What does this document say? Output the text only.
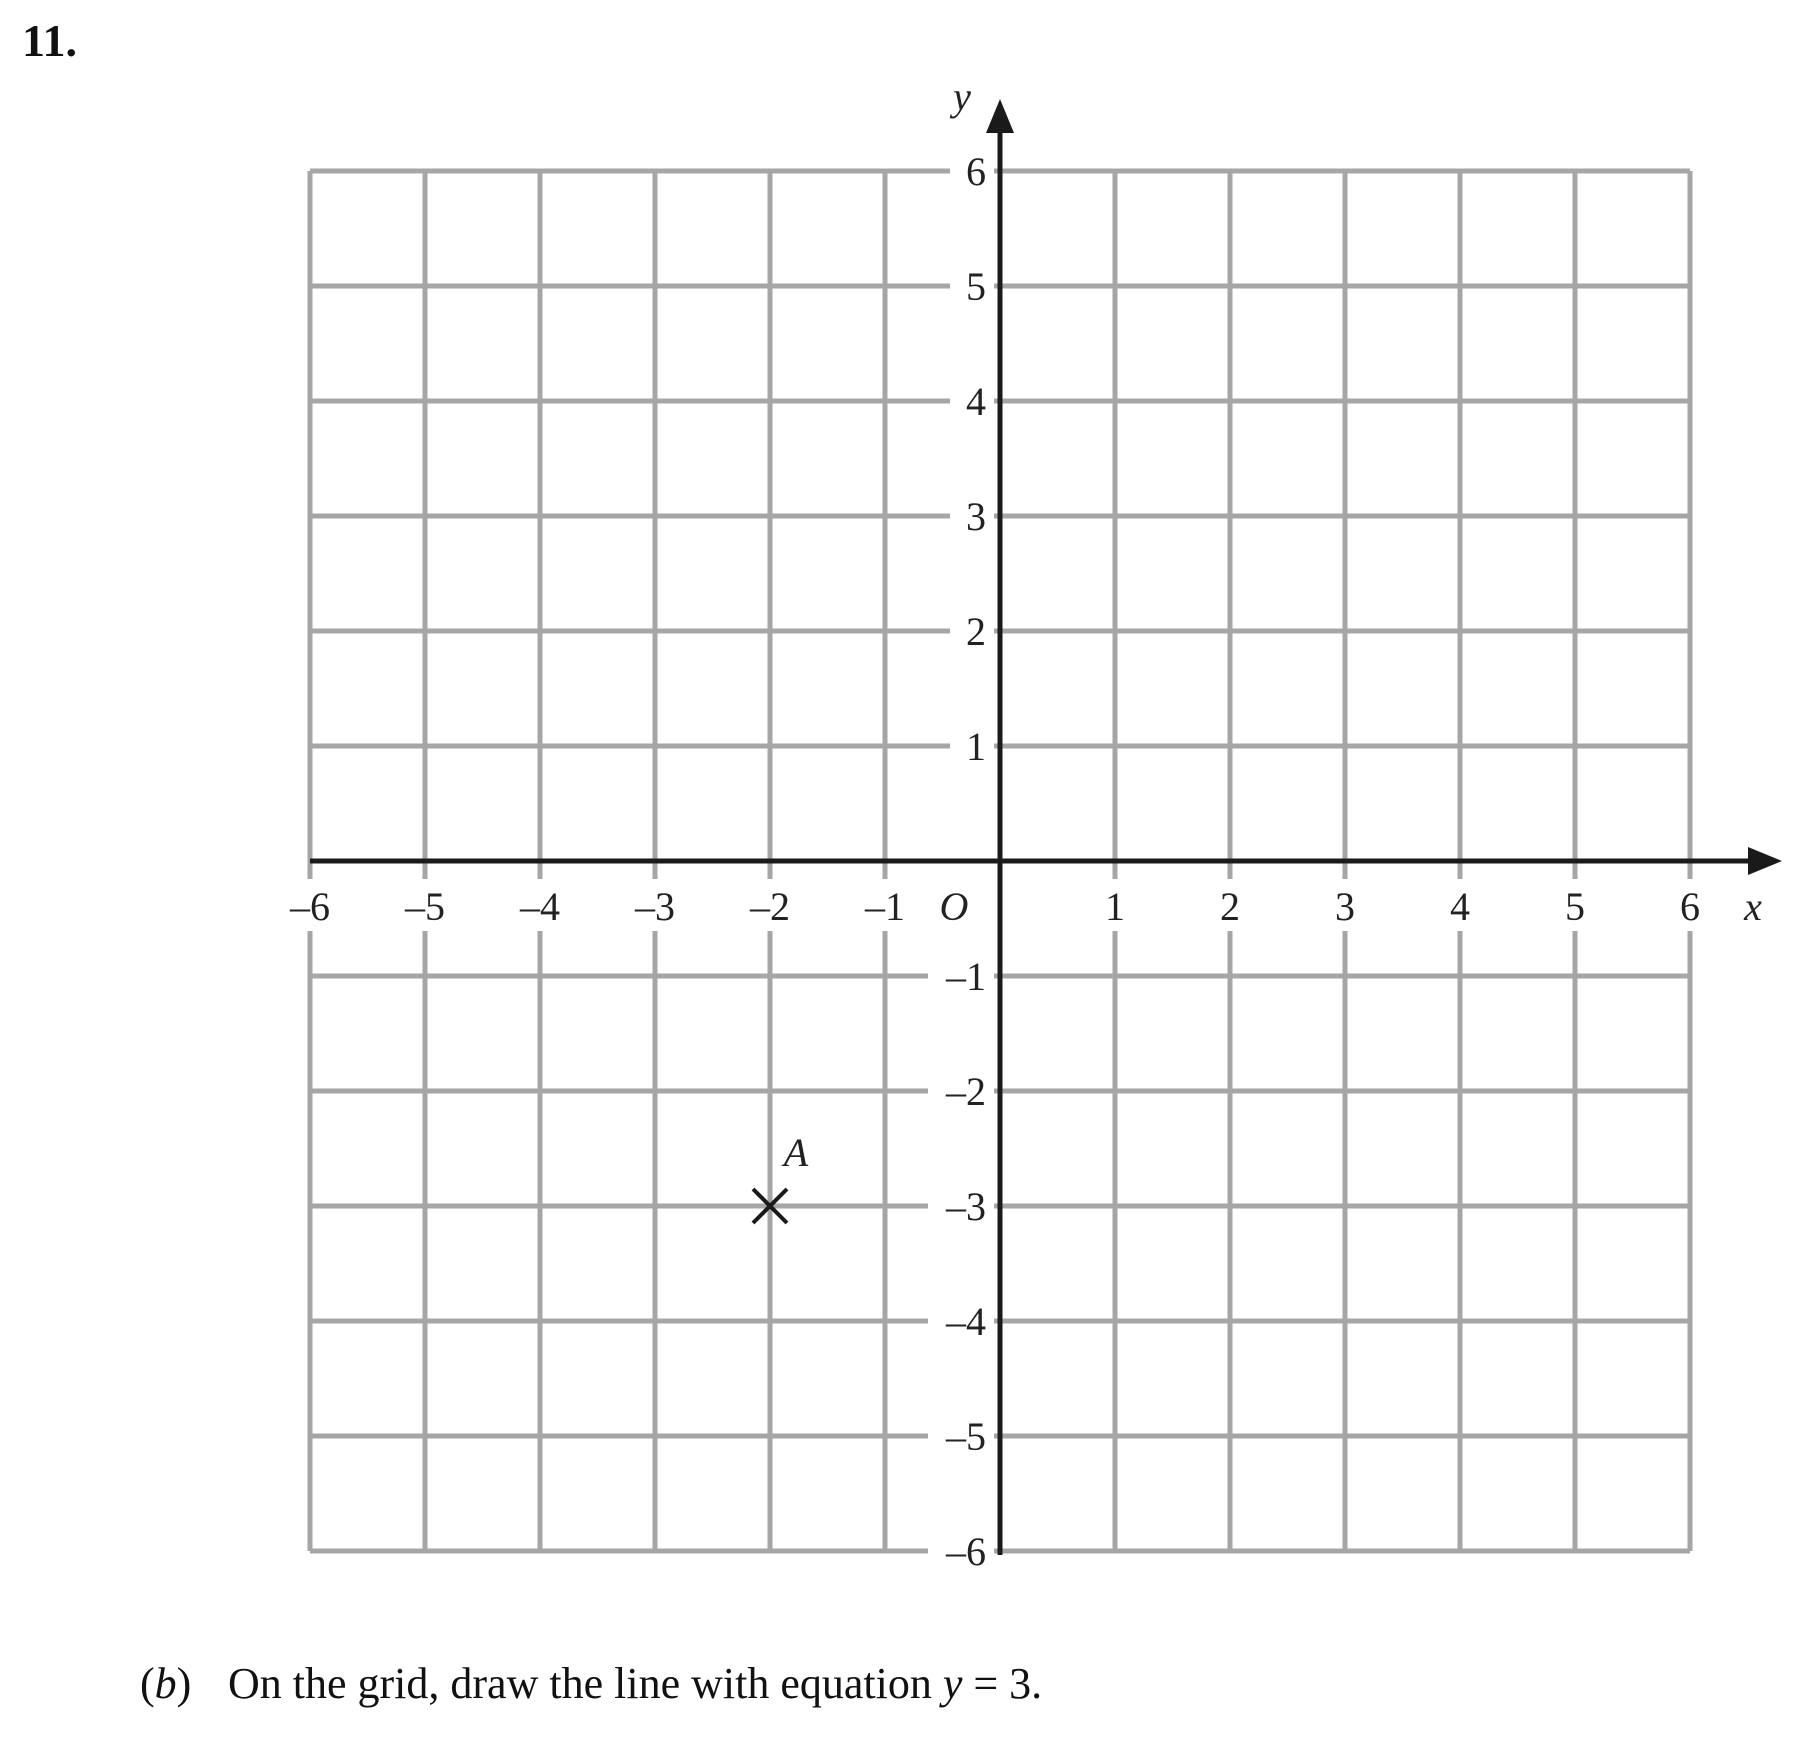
11.
–6 –5 –4 –3 –2 –1	1 2 3 4 5 6
O
6
5
4
3
2
1
–1
–2
–3
–4
–5
–6
x
y
A
(b) On the grid, draw the line with equation y = 3.
